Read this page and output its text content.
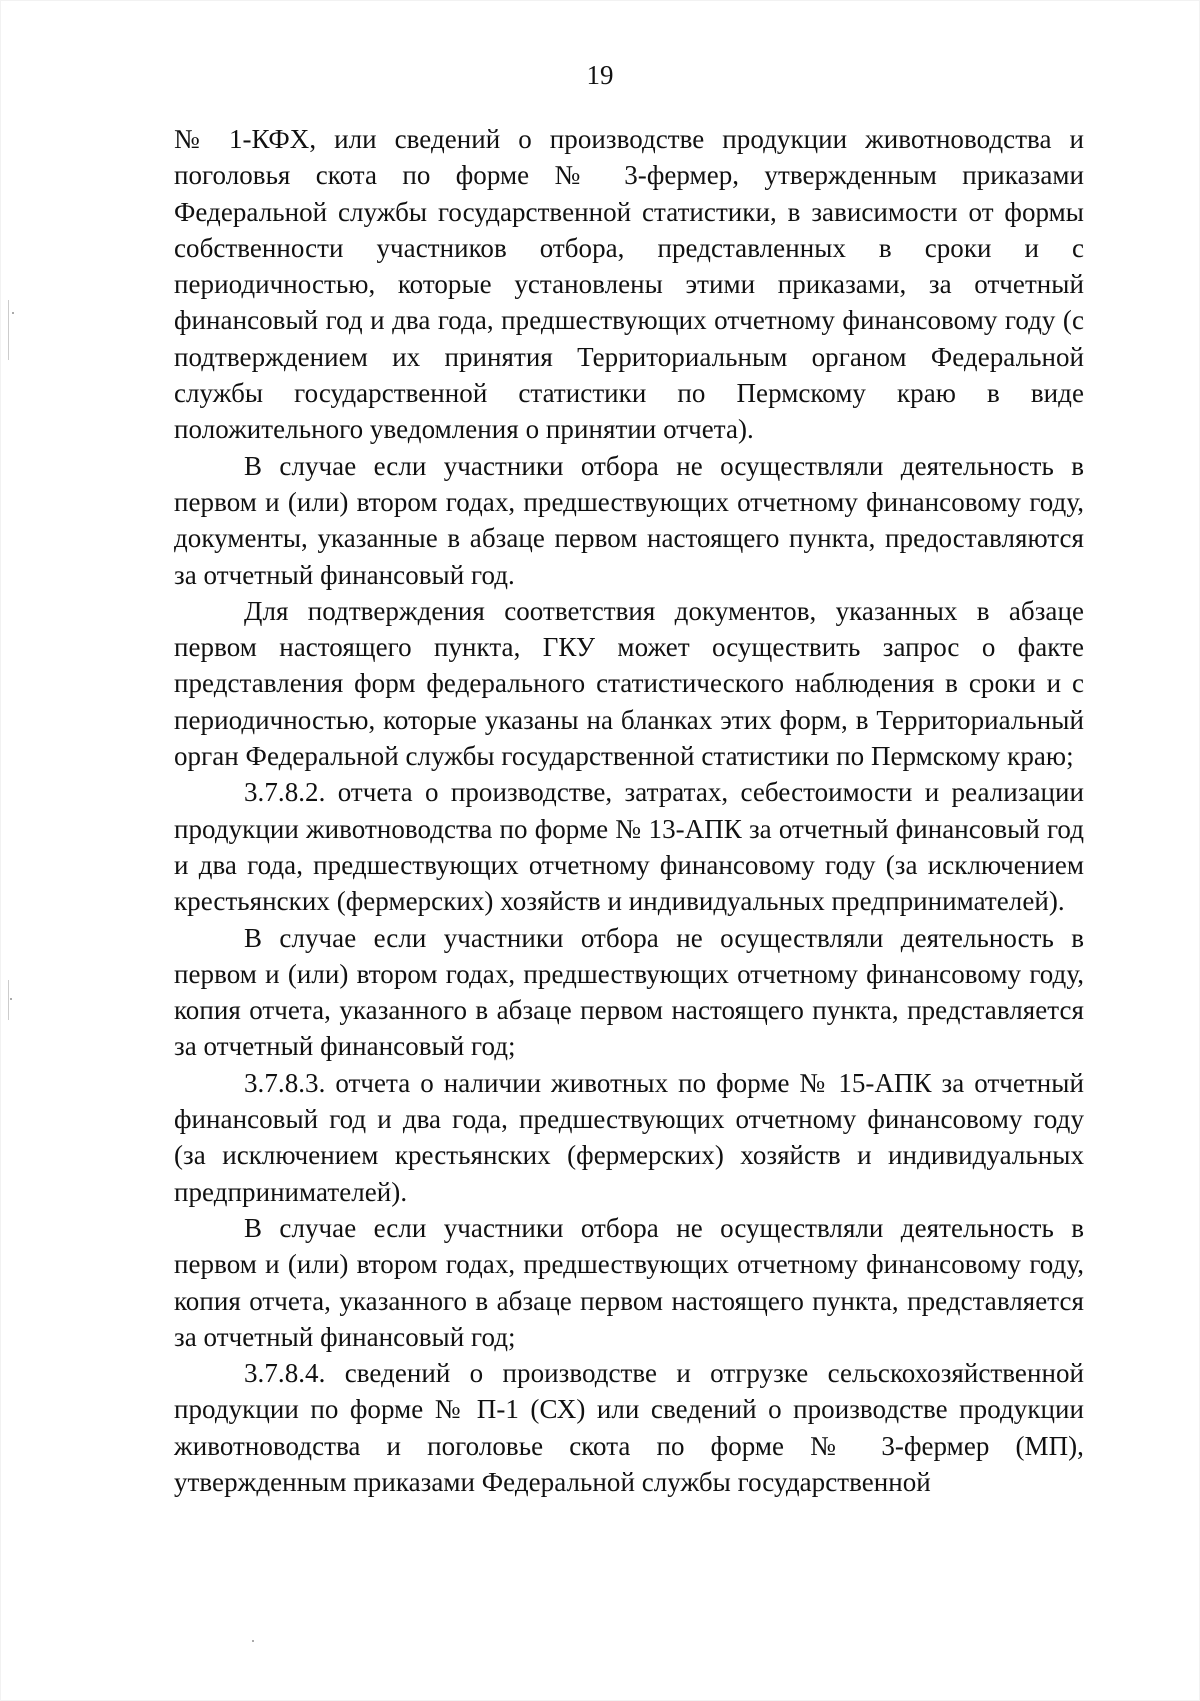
19

№ 1-КФХ, или сведений о производстве продукции животноводства и поголовья скота по форме № 3-фермер, утвержденным приказами Федеральной службы государственной статистики, в зависимости от формы собственности участников отбора, представленных в сроки и с периодичностью, которые установлены этими приказами, за отчетный финансовый год и два года, предшествующих отчетному финансовому году (с подтверждением их принятия Территориальным органом Федеральной службы государственной статистики по Пермскому краю в виде положительного уведомления о принятии отчета).

В случае если участники отбора не осуществляли деятельность в первом и (или) втором годах, предшествующих отчетному финансовому году, документы, указанные в абзаце первом настоящего пункта, предоставляются за отчетный финансовый год.

Для подтверждения соответствия документов, указанных в абзаце первом настоящего пункта, ГКУ может осуществить запрос о факте представления форм федерального статистического наблюдения в сроки и с периодичностью, которые указаны на бланках этих форм, в Территориальный орган Федеральной службы государственной статистики по Пермскому краю;

3.7.8.2. отчета о производстве, затратах, себестоимости и реализации продукции животноводства по форме № 13-АПК за отчетный финансовый год и два года, предшествующих отчетному финансовому году (за исключением крестьянских (фермерских) хозяйств и индивидуальных предпринимателей).

В случае если участники отбора не осуществляли деятельность в первом и (или) втором годах, предшествующих отчетному финансовому году, копия отчета, указанного в абзаце первом настоящего пункта, представляется за отчетный финансовый год;

3.7.8.3. отчета о наличии животных по форме № 15-АПК за отчетный финансовый год и два года, предшествующих отчетному финансовому году (за исключением крестьянских (фермерских) хозяйств и индивидуальных предпринимателей).

В случае если участники отбора не осуществляли деятельность в первом и (или) втором годах, предшествующих отчетному финансовому году, копия отчета, указанного в абзаце первом настоящего пункта, представляется за отчетный финансовый год;

3.7.8.4. сведений о производстве и отгрузке сельскохозяйственной продукции по форме № П-1 (СХ) или сведений о производстве продукции животноводства и поголовье скота по форме № 3-фермер (МП), утвержденным приказами Федеральной службы государственной
